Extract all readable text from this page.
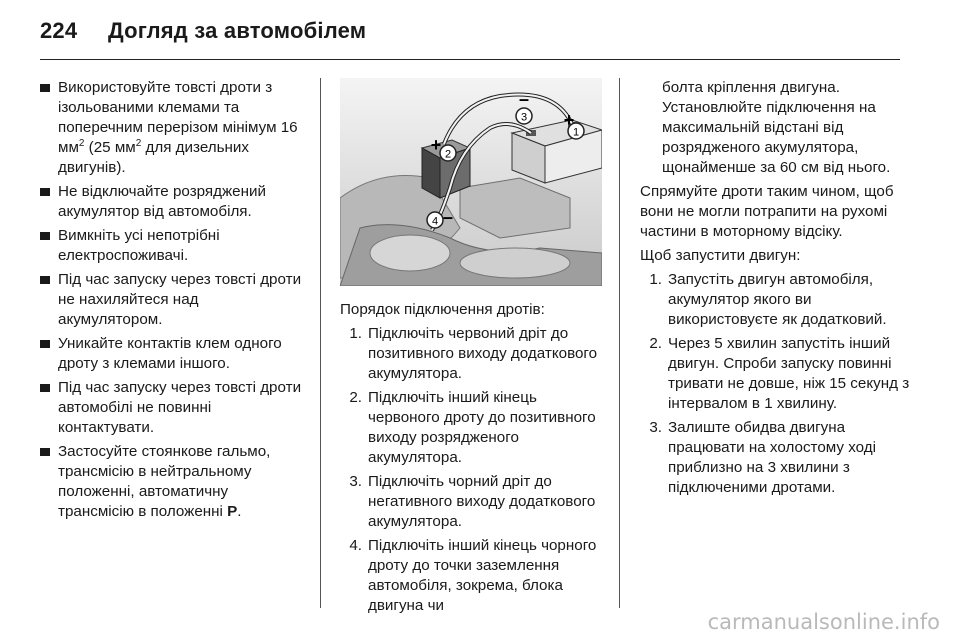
224 Догляд за автомобілем
Використовуйте товсті дроти з ізольованими клемами та поперечним перерізом мінімум 16 $мм^2$ (25 $мм^2$ для дизельних двигунів).
Не відключайте розряджений акумулятор від автомобіля.
Вимкніть усі непотрібні електроспоживачі.
Під час запуску через товсті дроти не нахиляйтеся над акумулятором.
Уникайте контактів клем одного дроту з клемами іншого.
Під час запуску через товсті дроти автомобілі не повинні контактувати.
Застосуйте стоянкове гальмо, трансмісію в нейтральному положенні, автоматичну трансмісію в положенні P.
1
+
2
+
3
–
4 –
Порядок підключення дротів:
1. Підключіть червоний дріт до позитивного виходу додаткового акумулятора.
2. Підключіть інший кінець червоного дроту до позитивного виходу розрядженого акумулятора.
3. Підключіть чорний дріт до негативного виходу додаткового акумулятора.
4. Підключіть інший кінець чорного дроту до точки заземлення автомобіля, зокрема, блока двигуна чи
болта кріплення двигуна. Установлюйте підключення на максимальній відстані від розрядженого акумулятора, щонайменше за 60 см від нього.
Спрямуйте дроти таким чином, щоб вони не могли потрапити на рухомі частини в моторному відсіку.
Щоб запустити двигун:
1. Запустіть двигун автомобіля, акумулятор якого ви використовуєте як додатковий.
2. Через 5 хвилин запустіть інший двигун. Спроби запуску повинні тривати не довше, ніж 15 секунд з інтервалом в 1 хвилину.
3. Залиште обидва двигуна працювати на холостому ході приблизно на 3 хвилини з підключеними дротами.
carmanualsonline.info
